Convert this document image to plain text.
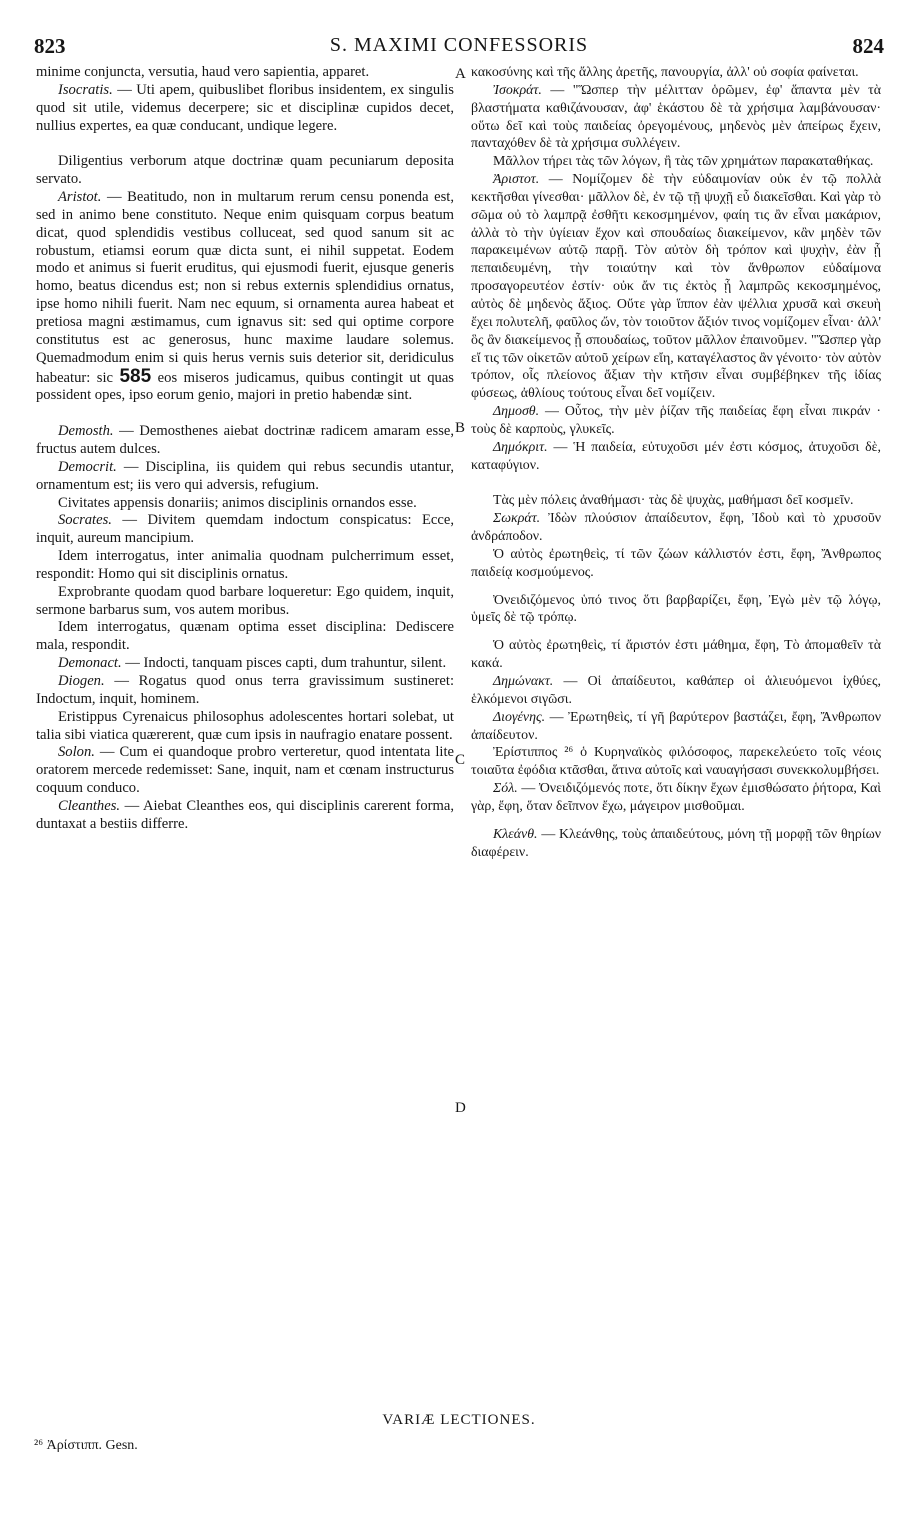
823	S. MAXIMI CONFESSORIS	824
A
B
C
D

minime conjuncta, versutia, haud vero sapientia, apparet.

Isocratis. — Uti apem, quibuslibet floribus insidentem, ex singulis quod sit utile, videmus decerpere; sic et disciplinæ cupidos decet, nullius expertes, ea quæ conducant, undique legere.

Diligentius verborum atque doctrinæ quam pecuniarum deposita servato.

Aristot. — Beatitudo, non in multarum rerum censu ponenda est, sed in animo bene constituto. Neque enim quisquam corpus beatum dicat, quod splendidis vestibus colluceat, sed quod sanum sit ac robustum, etiamsi eorum quæ dicta sunt, ei nihil suppetat. Eodem modo et animus si fuerit eruditus, qui ejusmodi fuerit, ejusque generis homo, beatus dicendus est; non si rebus externis splendidius ornatus, ipse homo nihili fuerit. Nam nec equum, si ornamenta aurea habeat et pretiosa magni æstimamus, cum ignavus sit: sed qui optime corpore constitutus est ac generosus, hunc maxime laudare solemus. Quemadmodum enim si quis herus vernis suis deterior sit, deridiculus habeatur: sic 585 eos miseros judicamus, quibus contingit ut quas possident opes, ipso eorum genio, majori in pretio habendæ sint.

Demosth. — Demosthenes aiebat doctrinæ radicem amaram esse, fructus autem dulces.

Democrit. — Disciplina, iis quidem qui rebus secundis utantur, ornamentum est; iis vero qui adversis, refugium.

Civitates appensis donariis; animos disciplinis ornandos esse.

Socrates. — Divitem quemdam indoctum conspicatus: Ecce, inquit, aureum mancipium.

Idem interrogatus, inter animalia quodnam pulcherrimum esset, respondit: Homo qui sit disciplinis ornatus.

Exprobrante quodam quod barbare loqueretur: Ego quidem, inquit, sermone barbarus sum, vos autem moribus.

Idem interrogatus, quænam optima esset disciplina: Dediscere mala, respondit.

Demonact. — Indocti, tanquam pisces capti, dum trahuntur, silent.

Diogen. — Rogatus quod onus terra gravissimum sustineret: Indoctum, inquit, hominem.

Eristippus Cyrenaicus philosophus adolescentes hortari solebat, ut talia sibi viatica quærerent, quæ cum ipsis in naufragio enatare possent.

Solon. — Cum ei quandoque probro verteretur, quod intentata lite oratorem mercede redemisset: Sane, inquit, nam et cœnam instructurus coquum conduco.

Cleanthes. — Aiebat Cleanthes eos, qui disciplinis carerent forma, duntaxat a bestiis differre.

κακοσύνης καὶ τῆς ἄλλης ἀρετῆς, πανουργία, ἀλλ' οὐ σοφία φαίνεται.

Ἰσοκράτ. — "Ὥσπερ τὴν μέλιτταν ὁρῶμεν, ἐφ' ἅπαντα μὲν τὰ βλαστήματα καθιζάνουσαν, ἀφ' ἑκάστου δὲ τὰ χρήσιμα λαμβάνουσαν· οὕτω δεῖ καὶ τοὺς παιδείας ὀρεγομένους, μηδενὸς μὲν ἀπείρως ἔχειν, πανταχόθεν δὲ τὰ χρήσιμα συλλέγειν.

Μᾶλλον τήρει τὰς τῶν λόγων, ἢ τὰς τῶν χρημάτων παρακαταθήκας.

Ἀριστοτ. — Νομίζομεν δὲ τὴν εὐδαιμονίαν οὐκ ἐν τῷ πολλὰ κεκτῆσθαι γίνεσθαι· μᾶλλον δὲ, ἐν τῷ τῇ ψυχῇ εὖ διακεῖσθαι. Καὶ γὰρ τὸ σῶμα οὐ τὸ λαμπρᾷ ἐσθῆτι κεκοσμημένον, φαίη τις ἂν εἶναι μακάριον, ἀλλὰ τὸ τὴν ὑγίειαν ἔχον καὶ σπουδαίως διακείμενον, κἂν μηδὲν τῶν παρακειμένων αὐτῷ παρῇ. Τὸν αὐτὸν δὴ τρόπον καὶ ψυχὴν, ἐὰν ᾖ πεπαιδευμένη, τὴν τοιαύτην καὶ τὸν ἄνθρωπον εὐδαίμονα προσαγορευτέον ἐστίν· οὐκ ἄν τις ἐκτὸς ᾖ λαμπρῶς κεκοσμημένος, αὐτὸς δὲ μηδενὸς ἄξιος. Οὔτε γὰρ ἵππον ἐὰν ψέλλια χρυσᾶ καὶ σκευὴ ἔχει πολυτελῆ, φαῦλος ὤν, τὸν τοιοῦτον ἄξιόν τινος νομίζομεν εἶναι· ἀλλ' ὃς ἂν διακείμενος ᾖ σπουδαίως, τοῦτον μᾶλλον ἐπαινοῦμεν. "Ὥσπερ γὰρ εἴ τις τῶν οἰκετῶν αὐτοῦ χείρων εἴη, καταγέλαστος ἂν γένοιτο· τὸν αὐτὸν τρόπον, οἷς πλείονος ἄξιαν τὴν κτῆσιν εἶναι συμβέβηκεν τῆς ἰδίας φύσεως, ἀθλίους τούτους εἶναι δεῖ νομίζειν.

Δημοσθ. — Οὗτος, τὴν μὲν ῥίζαν τῆς παιδείας ἔφη εἶναι πικράν · τοὺς δὲ καρποὺς, γλυκεῖς.

Δημόκριτ. — Ἡ παιδεία, εὐτυχοῦσι μέν ἐστι κόσμος, ἀτυχοῦσι δὲ, καταφύγιον.

Τὰς μὲν πόλεις ἀναθήμασι· τὰς δὲ ψυχὰς, μαθήμασι δεῖ κοσμεῖν.

Σωκράτ. Ἰδὼν πλούσιον ἀπαίδευτον, ἔφη, Ἰδοὺ καὶ τὸ χρυσοῦν ἀνδράποδον.

Ὁ αὐτὸς ἐρωτηθεὶς, τί τῶν ζώων κάλλιστόν ἐστι, ἔφη, Ἄνθρωπος παιδείᾳ κοσμούμενος.

Ὀνειδιζόμενος ὑπό τινος ὅτι βαρβαρίζει, ἔφη, Ἐγὼ μὲν τῷ λόγῳ, ὑμεῖς δὲ τῷ τρόπῳ.

Ὁ αὐτὸς ἐρωτηθεὶς, τί ἄριστόν ἐστι μάθημα, ἔφη, Τὸ ἀπομαθεῖν τὰ κακά.

Δημώνακτ. — Οἱ ἀπαίδευτοι, καθάπερ οἱ ἁλιευόμενοι ἰχθύες, ἑλκόμενοι σιγῶσι.

Διογένης. — Ἐρωτηθεὶς, τί γῆ βαρύτερον βαστάζει, ἔφη, Ἄνθρωπον ἀπαίδευτον.

Ἐρίστιππος ²⁶ ὁ Κυρηναϊκὸς φιλόσοφος, παρεκελεύετο τοῖς νέοις τοιαῦτα ἐφόδια κτᾶσθαι, ἅτινα αὐτοῖς καὶ ναυαγήσασι συνεκκολυμβήσει.

Σόλ. — Ὀνειδιζόμενός ποτε, ὅτι δίκην ἔχων ἐμισθώσατο ῥήτορα, Καὶ γὰρ, ἔφη, ὅταν δεῖπνον ἔχω, μάγειρον μισθοῦμαι.

Κλεάνθ. — Κλεάνθης, τοὺς ἀπαιδεύτους, μόνη τῇ μορφῇ τῶν θηρίων διαφέρειν.

VARIÆ LECTIONES.
²⁶ Ἀρίστιππ. Gesn.
